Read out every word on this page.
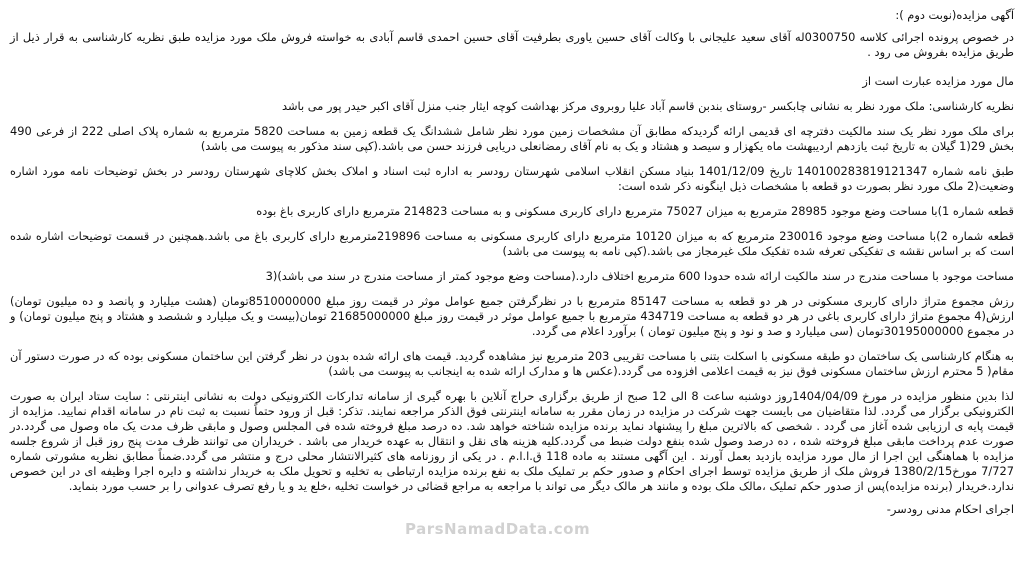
آگهی مزایده(نوبت دوم ):

در خصوص پرونده اجرائی کلاسه 0300750له آقای سعید علیجانی با وکالت آقای حسین یاوری بطرفیت آقای حسین احمدی قاسم آبادی به خواسته فروش ملک مورد مزایده طبق نظریه کارشناسی به قرار ذیل از طریق مزایده بفروش می رود .

مال مورد مزایده عبارت است از

نظریه کارشناسی: ملک مورد نظر به نشانی چابکسر -روستای بندبن قاسم آباد علیا روبروی مرکز بهداشت کوچه ایثار جنب منزل آقای اکبر حیدر پور می باشد

برای ملک مورد نظر یک سند مالکیت دفترچه ای قدیمی ارائه گردیدکه مطابق آن مشخصات زمین مورد نظر شامل ششدانگ یک قطعه زمین به مساحت 5820 مترمربع به شماره پلاک اصلی 222 از فرعی 490 بخش 29(1 گیلان به تاریخ ثبت یازدهم اردیبهشت ماه یکهزار و سیصد و هشتاد و یک به نام آقای رمضانعلی دریایی فرزند حسن می باشد.(کپی سند مذکور به پیوست می باشد)

طبق نامه شماره 140100283819121347 تاریخ 1401/12/09 بنیاد مسکن انقلاب اسلامی شهرستان رودسر به اداره ثبت اسناد و املاک بخش کلاچای شهرستان رودسر در بخش توضیحات نامه مورد اشاره وضعیت(2 ملک مورد نظر بصورت دو قطعه با مشخصات ذیل اینگونه ذکر شده است:

قطعه شماره 1)با مساحت وضع موجود 28985 مترمربع به میزان 75027 مترمربع دارای کاربری مسکونی و به مساحت 214823 مترمربع دارای کاربری باغ بوده

قطعه شماره 2)با مساحت وضع موجود 230016 مترمربع که به میزان 10120 مترمربع دارای کاربری مسکونی به مساحت 219896مترمربع دارای کاربری باغ می باشد.همچنین در قسمت توضیحات اشاره شده است که بر اساس نقشه ی تفکیکی تعرفه شده تفکیک ملک غیرمجاز می باشد.(کپی نامه به پیوست می باشد)

مساحت موجود با مساحت مندرج در سند مالکیت ارائه شده حدودا 600 مترمربع اختلاف دارد.(مساحت وضع موجود کمتر از مساحت مندرج در سند می باشد)(3

رزش مجموع متراژ دارای کاربری مسکونی در هر دو قطعه به مساحت 85147 مترمربع با در نظرگرفتن جمیع عوامل موثر در قیمت روز مبلغ 8510000000تومان (هشت میلیارد و پانصد و ده میلیون تومان) ارزش(4 مجموع متراژ دارای کاربری باغی در هر دو قطعه به مساحت 434719 مترمربع با جمیع عوامل موثر در قیمت روز مبلغ 21685000000 تومان(بیست و یک میلیارد و ششصد و هشتاد و پنج میلیون تومان) و در مجموع 30195000000تومان (سی میلیارد و صد و نود و پنج میلیون تومان ) برآورد اعلام می گردد.

به هنگام کارشناسی یک ساختمان دو طبقه مسکونی با اسکلت بتنی با مساحت تقریبی 203 مترمربع نیز مشاهده گردید. قیمت های ارائه شده بدون در نظر گرفتن این ساختمان مسکونی بوده که در صورت دستور آن مقام( 5 محترم ارزش ساختمان مسکونی فوق نیز به قیمت اعلامی افزوده می گردد.(عکس ها و مدارک ارائه شده به اینجانب به پیوست می باشد)

لذا بدین منظور مزایده در مورخ 1404/04/09روز دوشنبه ساعت 8 الی 12 صبح از طریق برگزاری حراج آنلاین با بهره گیری از سامانه تدارکات الکترونیکی دولت به نشانی اینترنتی : سایت ستاد ایران به صورت الکترونیکی برگزار می گردد. لذا متقاضیان می بایست جهت شرکت در مزایده در زمان مقرر به سامانه اینترنتی فوق الذکر مراجعه نمایند. تذکر: قبل از ورود حتماً نسبت به ثبت نام در سامانه اقدام نمایید. مزایده از قیمت پایه ی ارزیابی شده آغاز می گردد . شخصی که بالاترین مبلغ را پیشنهاد نماید برنده مزایده شناخته خواهد شد. ده درصد مبلغ فروخته شده فی المجلس وصول و مابقی ظرف مدت یک ماه وصول می گردد.در صورت عدم پرداخت مابقی مبلغ فروخته شده ، ده درصد وصول شده بنفع دولت ضبط می گردد.کلیه هزینه های نقل و انتقال به عهده خریدار می باشد . خریداران می توانند ظرف مدت پنج روز قبل از شروع جلسه مزایده با هماهنگی این اجرا از مال مورد مزایده بازدید بعمل آورند . این آگهی مستند به ماده 118 ق.ا.ا.م . در یکی از روزنامه های کثیرالانتشار محلی درج و منتشر می گردد.ضمناً مطابق نظریه مشورتی شماره 7/727 مورخ1380/2/15 فروش ملک از طریق مزایده توسط اجرای احکام و صدور حکم بر تملیک ملک به نفع برنده مزایده ارتباطی به تخلیه و تحویل ملک به خریدار نداشته و دایره اجرا وظیفه ای در این خصوص ندارد.خریدار (برنده مزایده)پس از صدور حکم تملیک ،مالک ملک بوده و مانند هر مالک دیگر می تواند با مراجعه به مراجع قضائی در خواست تخلیه ،خلع ید و یا رفع تصرف عدوانی را بر حسب مورد بنماید.

اجرای احکام مدنی رودسر-

ParsNamadData.com
